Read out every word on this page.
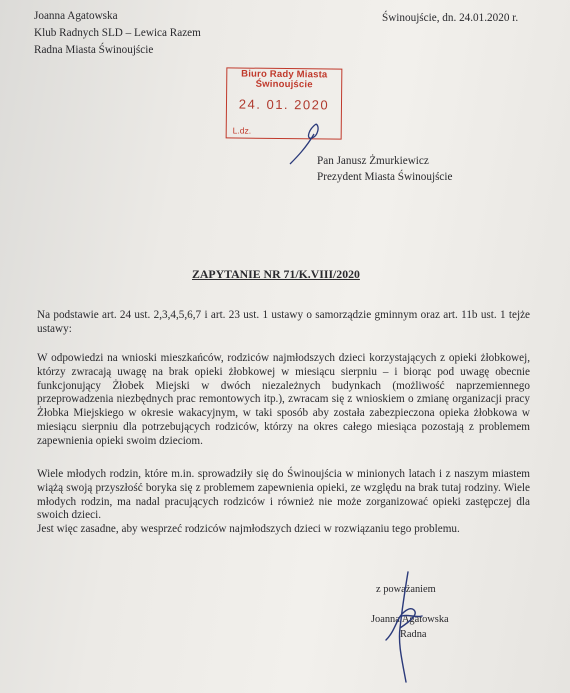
Joanna Agatowska
Klub Radnych SLD – Lewica Razem
Radna Miasta Świnoujście
Świnoujście, dn. 24.01.2020 r.
Biuro Rady Miasta
Świnoujście
24. 01. 2020
L.dz.
Pan Janusz Żmurkiewicz
Prezydent Miasta Świnoujście
ZAPYTANIE NR 71/K.VIII/2020
Na podstawie art. 24 ust. 2,3,4,5,6,7 i art. 23 ust. 1 ustawy o samorządzie gminnym oraz art. 11b ust. 1 tejże ustawy:
W odpowiedzi na wnioski mieszkańców, rodziców najmłodszych dzieci korzystających z opieki żłobkowej, którzy zwracają uwagę na brak opieki żłobkowej w miesiącu sierpniu – i biorąc pod uwagę obecnie funkcjonujący Żłobek Miejski w dwóch niezależnych budynkach (możliwość naprzemiennego przeprowadzenia niezbędnych prac remontowych itp.), zwracam się z wnioskiem o zmianę organizacji pracy Żłobka Miejskiego w okresie wakacyjnym, w taki sposób aby została zabezpieczona opieka żłobkowa w miesiącu sierpniu dla potrzebujących rodziców, którzy na okres całego miesiąca pozostają z problemem zapewnienia opieki swoim dzieciom.
Wiele młodych rodzin, które m.in. sprowadziły się do Świnoujścia w minionych latach i z naszym miastem wiążą swoją przyszłość boryka się z problemem zapewnienia opieki, ze względu na brak tutaj rodziny. Wiele młodych rodzin, ma nadal pracujących rodziców i również nie może zorganizować opieki zastępczej dla swoich dzieci.
Jest więc zasadne, aby wesprzeć rodziców najmłodszych dzieci w rozwiązaniu tego problemu.
z poważaniem
Joanna Agatowska
Radna
